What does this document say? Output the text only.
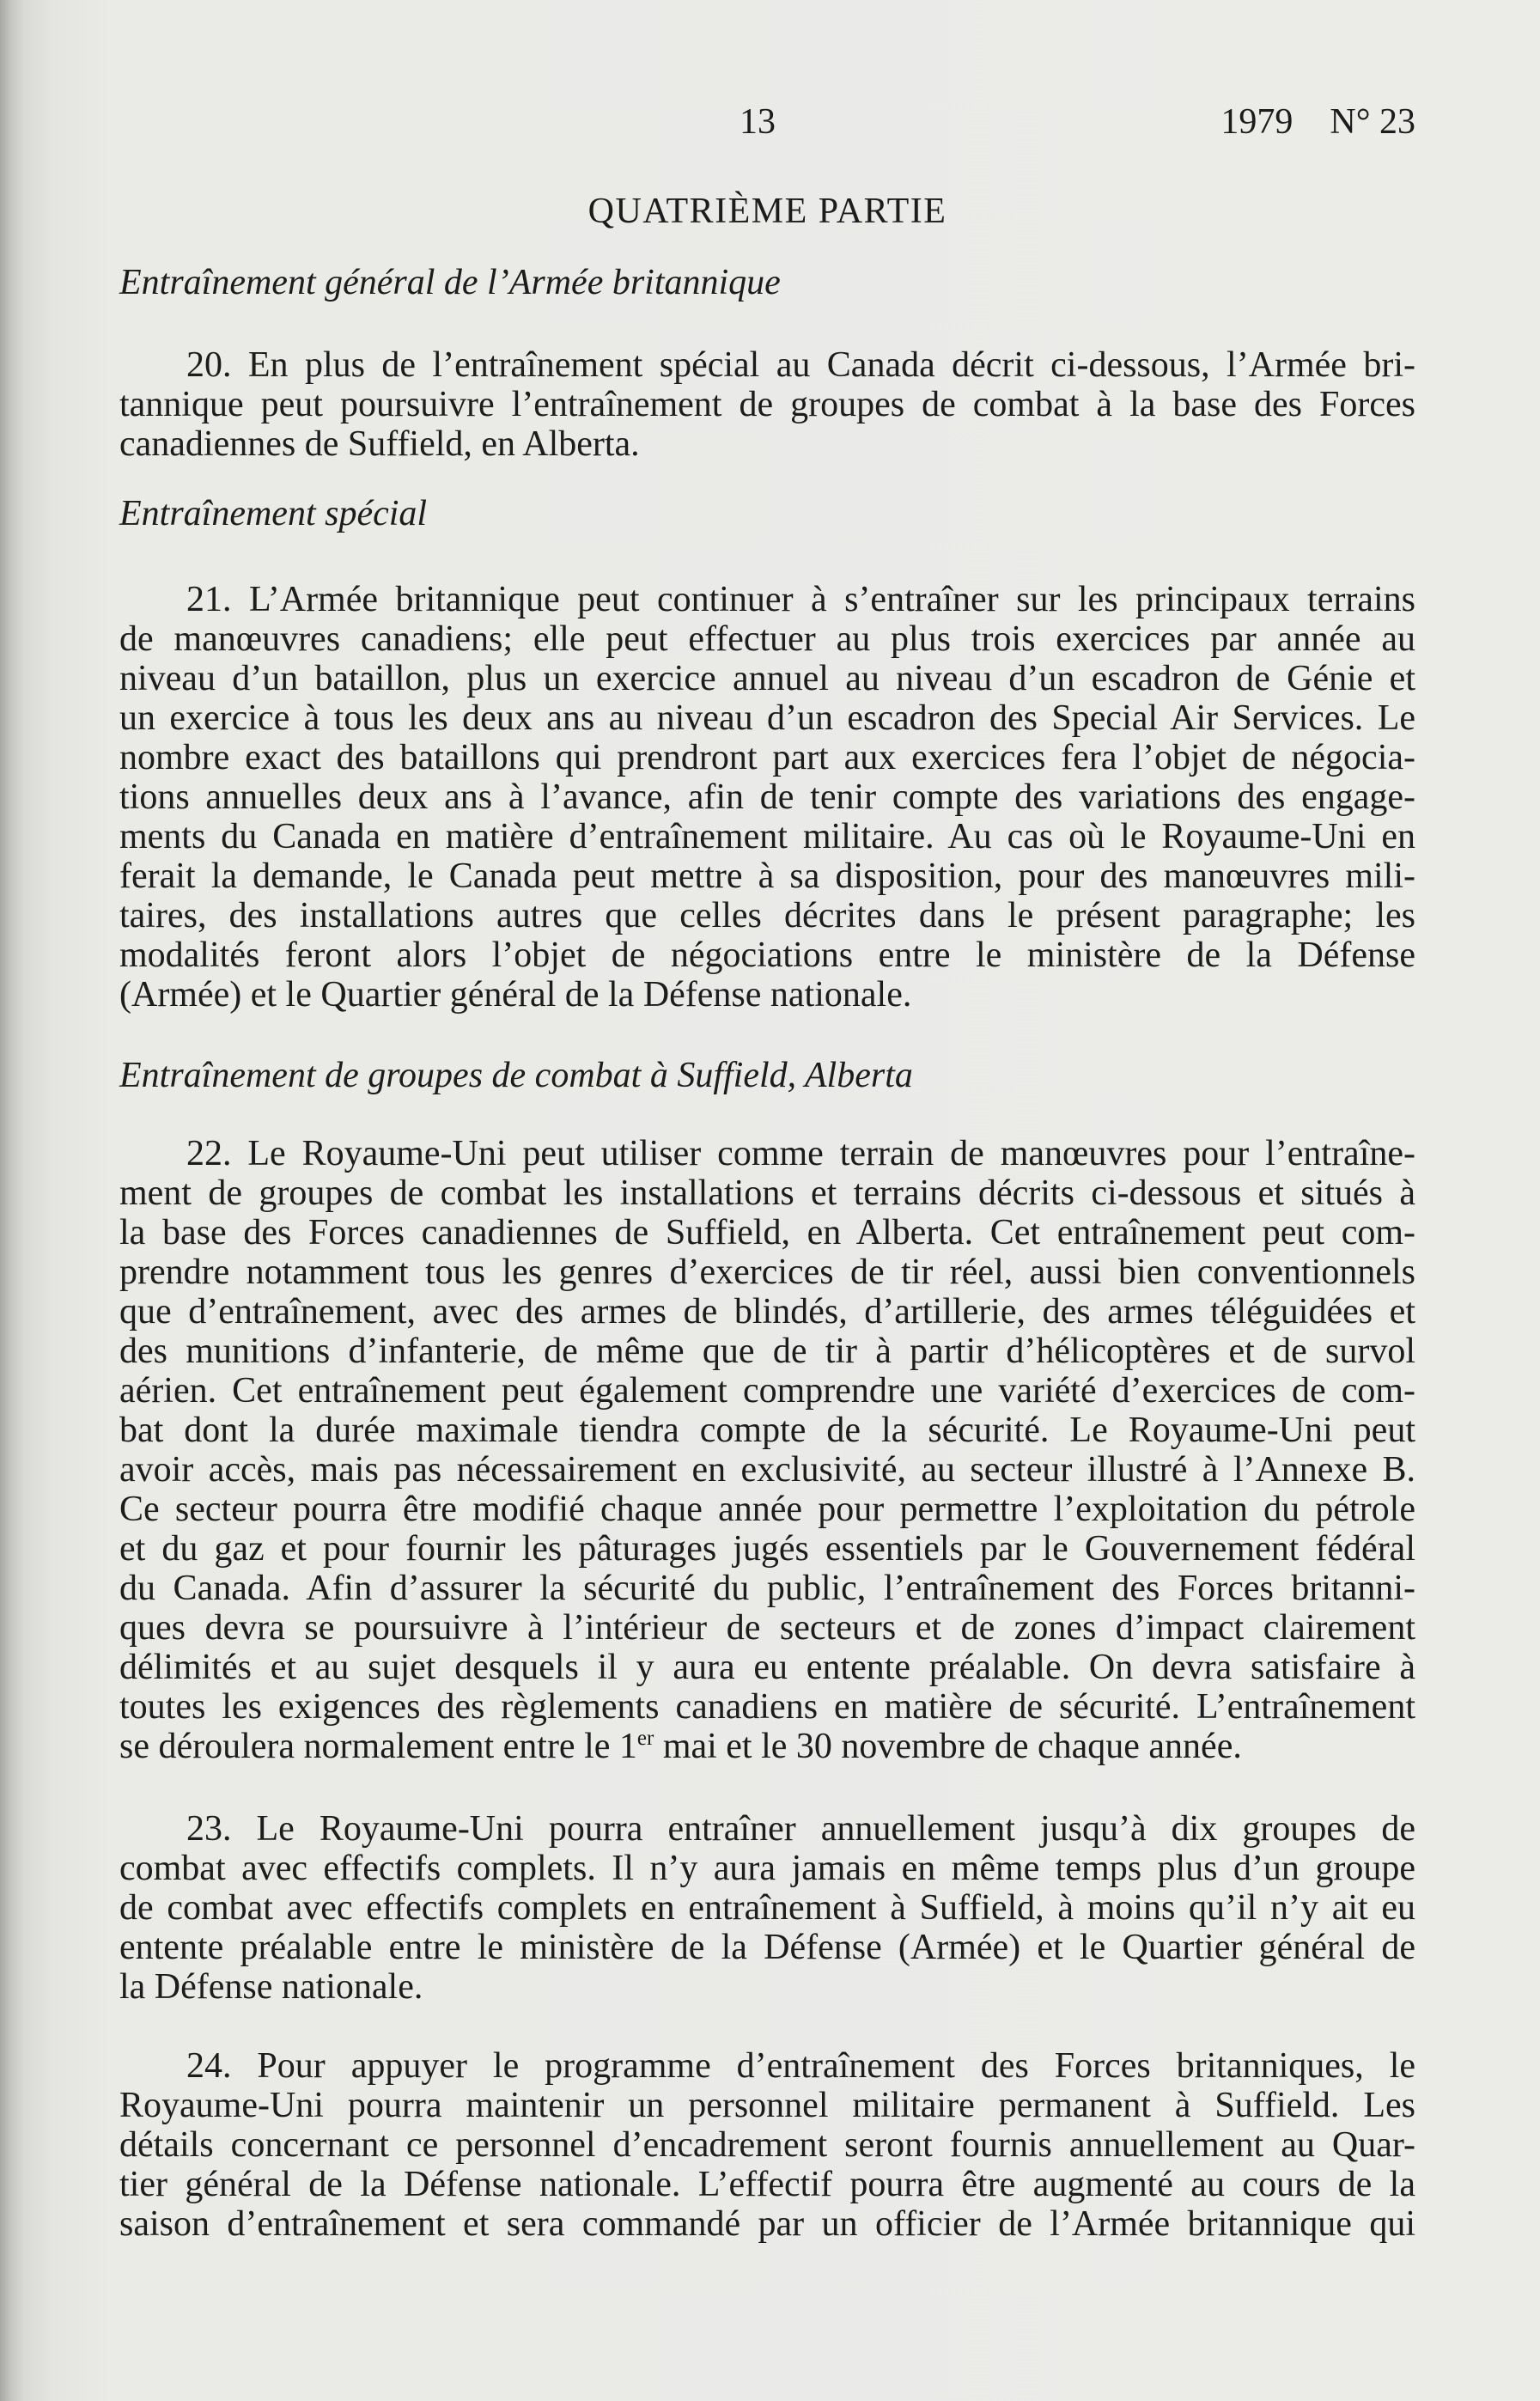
13	1979 N° 23
QUATRIÈME PARTIE
Entraînement général de l’Armée britannique
20. En plus de l’entraînement spécial au Canada décrit ci-dessous, l’Armée bri-
tannique peut poursuivre l’entraînement de groupes de combat à la base des Forces
canadiennes de Suffield, en Alberta.
Entraînement spécial
21. L’Armée britannique peut continuer à s’entraîner sur les principaux terrains
de manœuvres canadiens; elle peut effectuer au plus trois exercices par année au
niveau d’un bataillon, plus un exercice annuel au niveau d’un escadron de Génie et
un exercice à tous les deux ans au niveau d’un escadron des Special Air Services. Le
nombre exact des bataillons qui prendront part aux exercices fera l’objet de négocia-
tions annuelles deux ans à l’avance, afin de tenir compte des variations des engage-
ments du Canada en matière d’entraînement militaire. Au cas où le Royaume-Uni en
ferait la demande, le Canada peut mettre à sa disposition, pour des manœuvres mili-
taires, des installations autres que celles décrites dans le présent paragraphe; les
modalités feront alors l’objet de négociations entre le ministère de la Défense
(Armée) et le Quartier général de la Défense nationale.
Entraînement de groupes de combat à Suffield, Alberta
22. Le Royaume-Uni peut utiliser comme terrain de manœuvres pour l’entraîne-
ment de groupes de combat les installations et terrains décrits ci-dessous et situés à
la base des Forces canadiennes de Suffield, en Alberta. Cet entraînement peut com-
prendre notamment tous les genres d’exercices de tir réel, aussi bien conventionnels
que d’entraînement, avec des armes de blindés, d’artillerie, des armes téléguidées et
des munitions d’infanterie, de même que de tir à partir d’hélicoptères et de survol
aérien. Cet entraînement peut également comprendre une variété d’exercices de com-
bat dont la durée maximale tiendra compte de la sécurité. Le Royaume-Uni peut
avoir accès, mais pas nécessairement en exclusivité, au secteur illustré à l’Annexe B.
Ce secteur pourra être modifié chaque année pour permettre l’exploitation du pétrole
et du gaz et pour fournir les pâturages jugés essentiels par le Gouvernement fédéral
du Canada. Afin d’assurer la sécurité du public, l’entraînement des Forces britanni-
ques devra se poursuivre à l’intérieur de secteurs et de zones d’impact clairement
délimités et au sujet desquels il y aura eu entente préalable. On devra satisfaire à
toutes les exigences des règlements canadiens en matière de sécurité. L’entraînement
se déroulera normalement entre le 1er mai et le 30 novembre de chaque année.
23. Le Royaume-Uni pourra entraîner annuellement jusqu’à dix groupes de
combat avec effectifs complets. Il n’y aura jamais en même temps plus d’un groupe
de combat avec effectifs complets en entraînement à Suffield, à moins qu’il n’y ait eu
entente préalable entre le ministère de la Défense (Armée) et le Quartier général de
la Défense nationale.
24. Pour appuyer le programme d’entraînement des Forces britanniques, le
Royaume-Uni pourra maintenir un personnel militaire permanent à Suffield. Les
détails concernant ce personnel d’encadrement seront fournis annuellement au Quar-
tier général de la Défense nationale. L’effectif pourra être augmenté au cours de la
saison d’entraînement et sera commandé par un officier de l’Armée britannique qui
